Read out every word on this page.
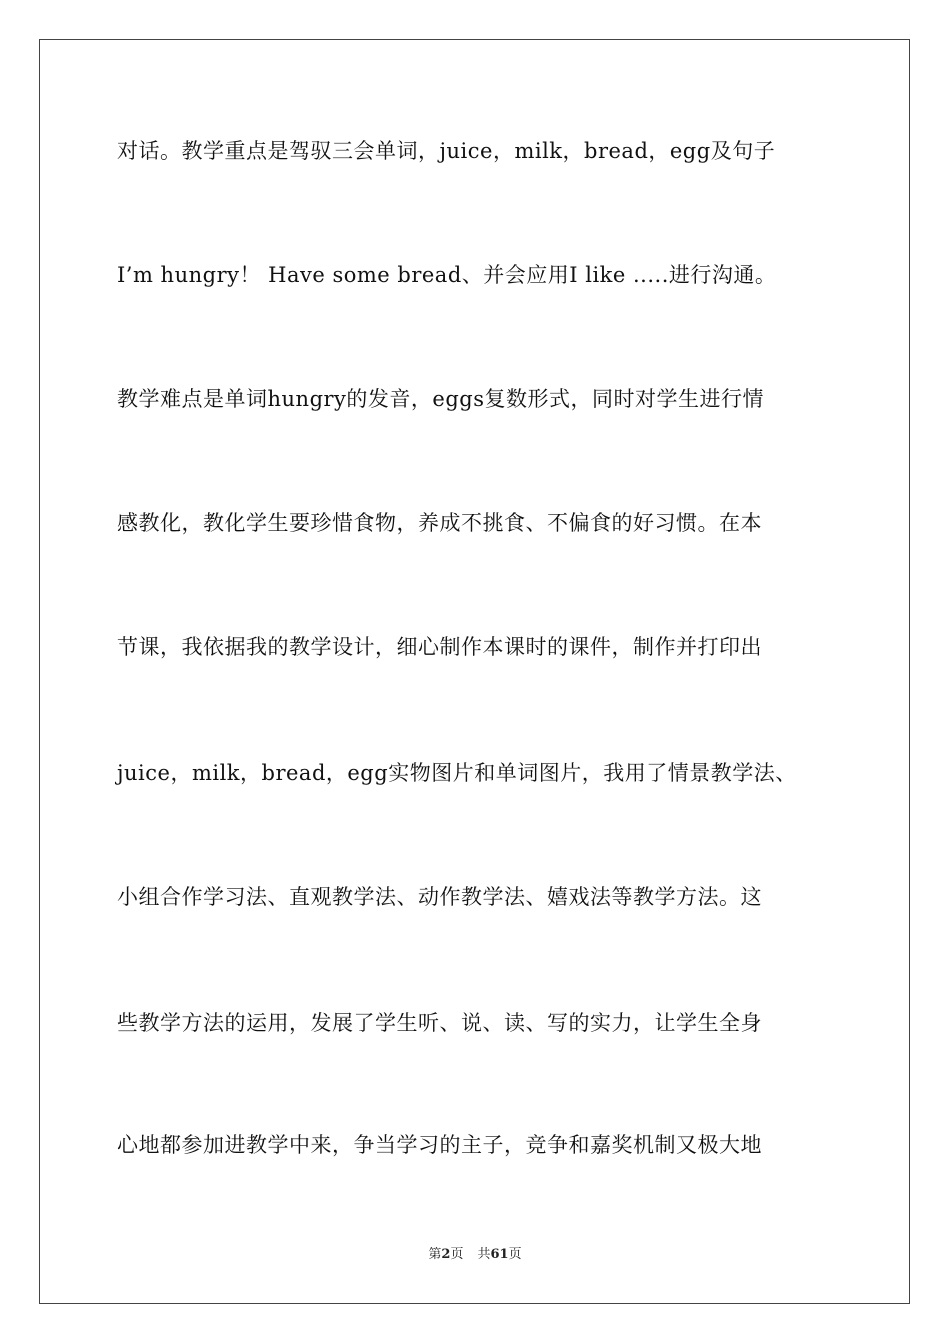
对话。教学重点是驾驭三会单词，juice，milk，bread，egg及句子
I’m hungry！ Have some bread、并会应用I like .....进行沟通。
教学难点是单词hungry的发音，eggs复数形式，同时对学生进行情
感教化，教化学生要珍惜食物，养成不挑食、不偏食的好习惯。在本
节课，我依据我的教学设计，细心制作本课时的课件，制作并打印出
juice，milk，bread，egg实物图片和单词图片，我用了情景教学法、
小组合作学习法、直观教学法、动作教学法、嬉戏法等教学方法。这
些教学方法的运用，发展了学生听、说、读、写的实力，让学生全身
心地都参加进教学中来，争当学习的主子，竞争和嘉奖机制又极大地
第2页 共61页
